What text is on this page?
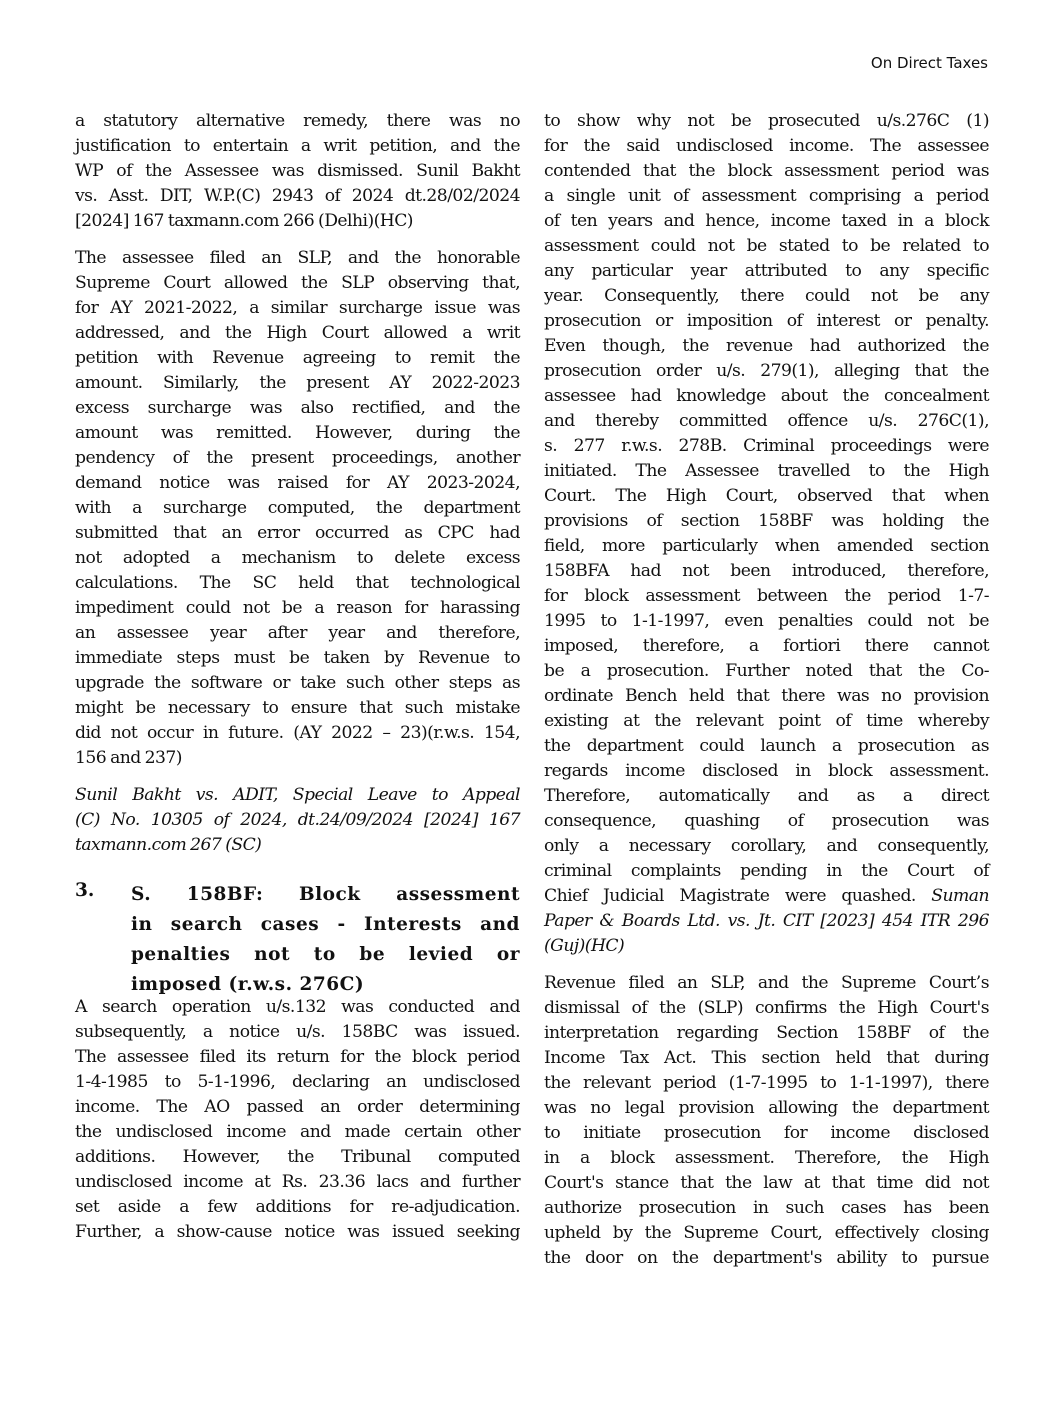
On Direct Taxes
a statutory alternative remedy, there was no
justification to entertain a writ petition, and the
WP of the Assessee was dismissed. Sunil Bakht
vs. Asst. DIT, W.P.(C) 2943 of 2024 dt.28/02/2024
[2024] 167 taxmann.com 266 (Delhi)(HC)
The assessee filed an SLP, and the honorable
Supreme Court allowed the SLP observing that,
for AY 2021-2022, a similar surcharge issue was
addressed, and the High Court allowed a writ
petition with Revenue agreeing to remit the
amount. Similarly, the present AY 2022-2023
excess surcharge was also rectified, and the
amount was remitted. However, during the
pendency of the present proceedings, another
demand notice was raised for AY 2023-2024,
with a surcharge computed, the department
submitted that an error occurred as CPC had
not adopted a mechanism to delete excess
calculations. The SC held that technological
impediment could not be a reason for harassing
an assessee year after year and therefore,
immediate steps must be taken by Revenue to
upgrade the software or take such other steps as
might be necessary to ensure that such mistake
did not occur in future. (AY 2022 – 23)(r.w.s. 154,
156 and 237)
Sunil Bakht vs. ADIT, Special Leave to Appeal
(C) No. 10305 of 2024, dt.24/09/2024 [2024] 167
taxmann.com 267 (SC)
3. S. 158BF: Block assessment
in search cases - Interests and
penalties not to be levied or
imposed (r.w.s. 276C)
A search operation u/s.132 was conducted and
subsequently, a notice u/s. 158BC was issued.
The assessee filed its return for the block period
1-4-1985 to 5-1-1996, declaring an undisclosed
income. The AO passed an order determining
the undisclosed income and made certain other
additions. However, the Tribunal computed
undisclosed income at Rs. 23.36 lacs and further
set aside a few additions for re-adjudication.
Further, a show-cause notice was issued seeking
to show why not be prosecuted u/s.276C (1)
for the said undisclosed income. The assessee
contended that the block assessment period was
a single unit of assessment comprising a period
of ten years and hence, income taxed in a block
assessment could not be stated to be related to
any particular year attributed to any specific
year. Consequently, there could not be any
prosecution or imposition of interest or penalty.
Even though, the revenue had authorized the
prosecution order u/s. 279(1), alleging that the
assessee had knowledge about the concealment
and thereby committed offence u/s. 276C(1),
s. 277 r.w.s. 278B. Criminal proceedings were
initiated. The Assessee travelled to the High
Court. The High Court, observed that when
provisions of section 158BF was holding the
field, more particularly when amended section
158BFA had not been introduced, therefore,
for block assessment between the period 1-7-
1995 to 1-1-1997, even penalties could not be
imposed, therefore, a fortiori there cannot
be a prosecution. Further noted that the Co-
ordinate Bench held that there was no provision
existing at the relevant point of time whereby
the department could launch a prosecution as
regards income disclosed in block assessment.
Therefore, automatically and as a direct
consequence, quashing of prosecution was
only a necessary corollary, and consequently,
criminal complaints pending in the Court of
Chief Judicial Magistrate were quashed. Suman
Paper & Boards Ltd. vs. Jt. CIT [2023] 454 ITR 296
(Guj)(HC)
Revenue filed an SLP, and the Supreme Court’s
dismissal of the (SLP) confirms the High Court's
interpretation regarding Section 158BF of the
Income Tax Act. This section held that during
the relevant period (1-7-1995 to 1-1-1997), there
was no legal provision allowing the department
to initiate prosecution for income disclosed
in a block assessment. Therefore, the High
Court's stance that the law at that time did not
authorize prosecution in such cases has been
upheld by the Supreme Court, effectively closing
the door on the department's ability to pursue
